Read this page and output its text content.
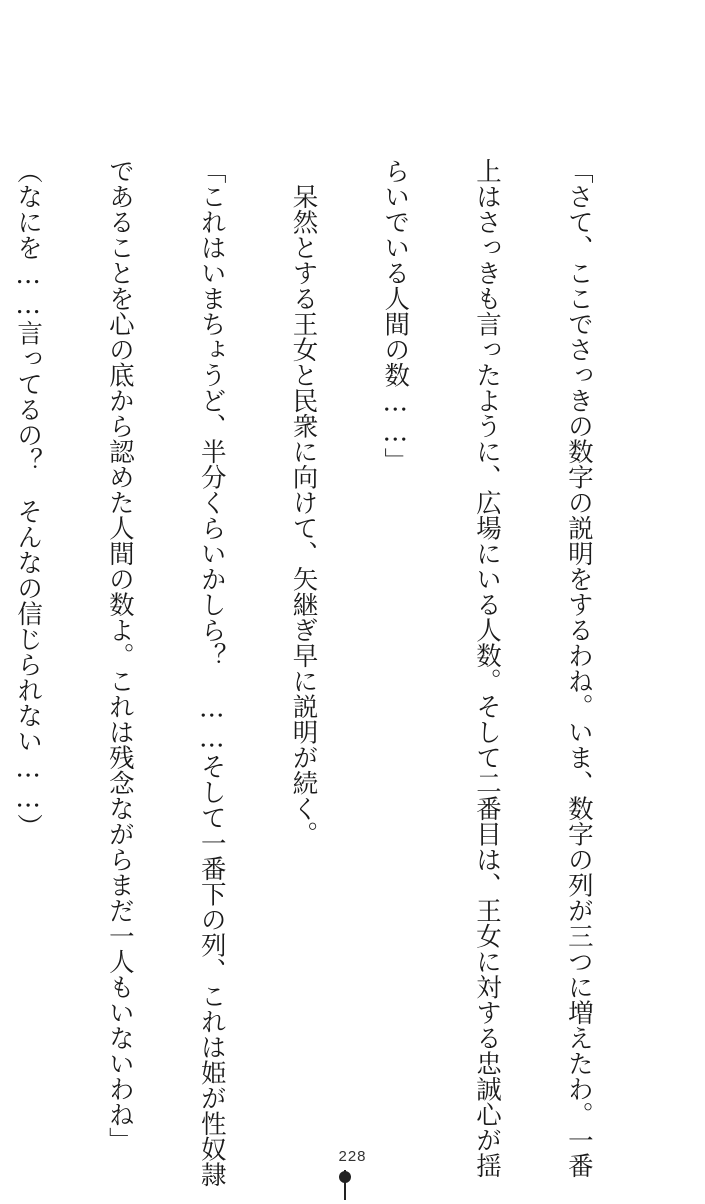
「さて、ここでさっきの数字の説明をするわね。いま、数字の列が三つに増えたわ。一番

上はさっきも言ったように、広場にいる人数。そして二番目は、王女に対する忠誠心が揺

らいでいる人間の数……」

　呆然とする王女と民衆に向けて、矢継ぎ早に説明が続く。

「これはいまちょうど、半分くらいかしら？　……そして一番下の列、これは姫が性奴隷

であることを心の底から認めた人間の数よ。これは残念ながらまだ一人もいないわね」

（なにを……言ってるの？　そんなの信じられない……）

228
